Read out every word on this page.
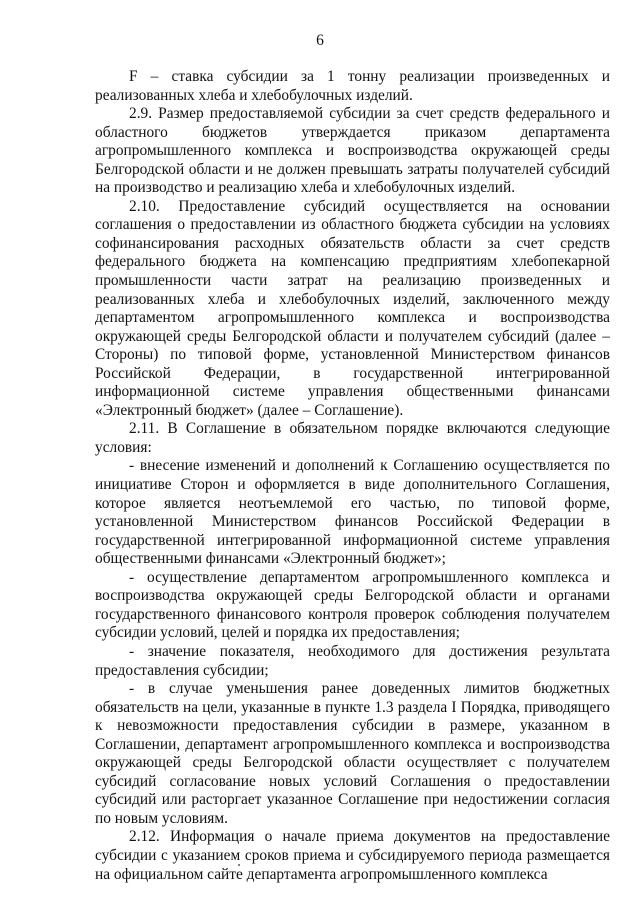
6

F – ставка субсидии за 1 тонну реализации произведенных и реализованных хлеба и хлебобулочных изделий.

2.9. Размер предоставляемой субсидии за счет средств федерального и областного бюджетов утверждается приказом департамента агропромышленного комплекса и воспроизводства окружающей среды Белгородской области и не должен превышать затраты получателей субсидий на производство и реализацию хлеба и хлебобулочных изделий.

2.10. Предоставление субсидий осуществляется на основании соглашения о предоставлении из областного бюджета субсидии на условиях софинансирования расходных обязательств области за счет средств федерального бюджета на компенсацию предприятиям хлебопекарной промышленности части затрат на реализацию произведенных и реализованных хлеба и хлебобулочных изделий, заключенного между департаментом агропромышленного комплекса и воспроизводства окружающей среды Белгородской области и получателем субсидий (далее – Стороны) по типовой форме, установленной Министерством финансов Российской Федерации, в государственной интегрированной информационной системе управления общественными финансами «Электронный бюджет» (далее – Соглашение).

2.11. В Соглашение в обязательном порядке включаются следующие условия:

- внесение изменений и дополнений к Соглашению осуществляется по инициативе Сторон и оформляется в виде дополнительного Соглашения, которое является неотъемлемой его частью, по типовой форме, установленной Министерством финансов Российской Федерации в государственной интегрированной информационной системе управления общественными финансами «Электронный бюджет»;

- осуществление департаментом агропромышленного комплекса и воспроизводства окружающей среды Белгородской области и органами государственного финансового контроля проверок соблюдения получателем субсидии условий, целей и порядка их предоставления;

- значение показателя, необходимого для достижения результата предоставления субсидии;

- в случае уменьшения ранее доведенных лимитов бюджетных обязательств на цели, указанные в пункте 1.3 раздела I Порядка, приводящего к невозможности предоставления субсидии в размере, указанном в Соглашении, департамент агропромышленного комплекса и воспроизводства окружающей среды Белгородской области осуществляет с получателем субсидий согласование новых условий Соглашения о предоставлении субсидий или расторгает указанное Соглашение при недостижении согласия по новым условиям.

2.12. Информация о начале приема документов на предоставление субсидии с указанием сроков приема и субсидируемого периода размещается на официальном сайте департамента агропромышленного комплекса
